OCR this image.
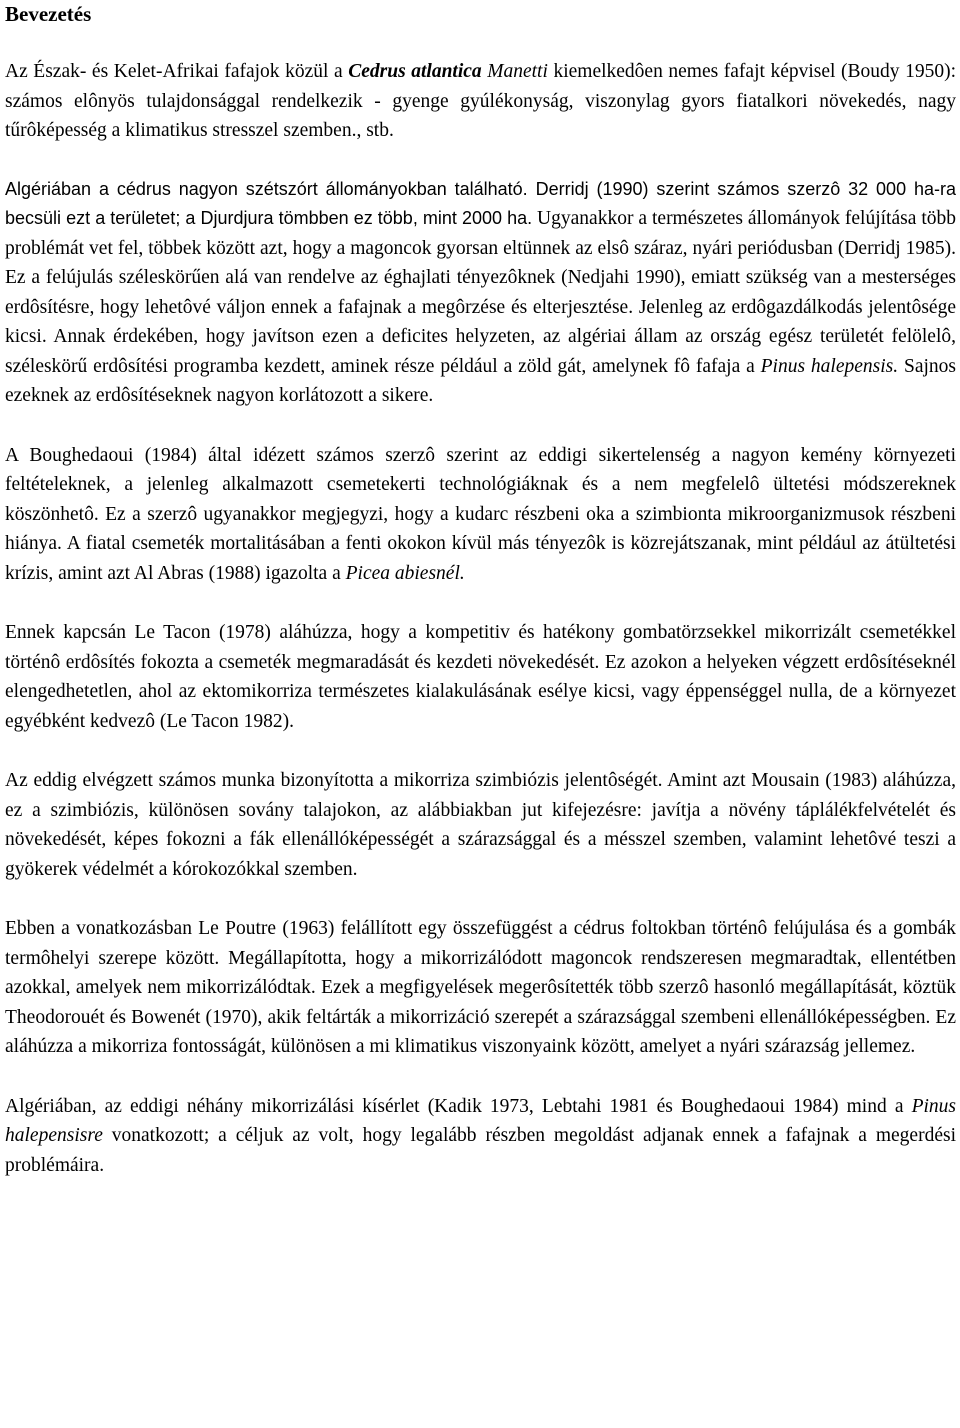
Bevezetés

Az Észak- és Kelet-Afrikai fafajok közül a Cedrus atlantica Manetti kiemelkedôen nemes fafajt képvisel (Boudy 1950): számos elônyös tulajdonsággal rendelkezik - gyenge gyúlékonyság, viszonylag gyors fiatalkori növekedés, nagy tűrôképesség a klimatikus stresszel szemben., stb.

Algériában a cédrus nagyon szétszórt állományokban található. Derridj (1990) szerint számos szerzô 32 000 ha-ra becsüli ezt a területet; a Djurdjura tömbben ez több, mint 2000 ha. Ugyanakkor a természetes állományok felújítása több problémát vet fel, többek között azt, hogy a magoncok gyorsan eltünnek az elsô száraz, nyári periódusban (Derridj 1985). Ez a felújulás széleskörűen alá van rendelve az éghajlati tényezôknek (Nedjahi 1990), emiatt szükség van a mesterséges erdôsítésre, hogy lehetôvé váljon ennek a fafajnak a megôrzése és elterjesztése. Jelenleg az erdôgazdálkodás jelentôsége kicsi. Annak érdekében, hogy javítson ezen a deficites helyzeten, az algériai állam az ország egész területét felölelô, széleskörű erdôsítési programba kezdett, aminek része például a zöld gát, amelynek fô fafaja a Pinus halepensis. Sajnos ezeknek az erdôsítéseknek nagyon korlátozott a sikere.

A Boughedaoui (1984) által idézett számos szerzô szerint az eddigi sikertelenség a nagyon kemény környezeti feltételeknek, a jelenleg alkalmazott csemetekerti technológiáknak és a nem megfelelô ültetési módszereknek köszönhetô. Ez a szerzô ugyanakkor megjegyzi, hogy a kudarc részbeni oka a szimbionta mikroorganizmusok részbeni hiánya. A fiatal csemeték mortalitásában a fenti okokon kívül más tényezôk is közrejátszanak, mint például az átültetési krízis, amint azt Al Abras (1988) igazolta a Picea abiesnél.

Ennek kapcsán Le Tacon (1978) aláhúzza, hogy a kompetitiv és hatékony gombatörzsekkel mikorrizált csemetékkel történô erdôsítés fokozta a csemeték megmaradását és kezdeti növekedését. Ez azokon a helyeken végzett erdôsítéseknél elengedhetetlen, ahol az ektomikorriza természetes kialakulásának esélye kicsi, vagy éppenséggel nulla, de a környezet egyébként kedvezô (Le Tacon 1982).

Az eddig elvégzett számos munka bizonyította a mikorriza szimbiózis jelentôségét. Amint azt Mousain (1983) aláhúzza, ez a szimbiózis, különösen sovány talajokon, az alábbiakban jut kifejezésre: javítja a növény táplálékfelvételét és növekedését, képes fokozni a fák ellenállóképességét a szárazsággal és a mésszel szemben, valamint lehetôvé teszi a gyökerek védelmét a kórokozókkal szemben.

Ebben a vonatkozásban Le Poutre (1963) felállított egy összefüggést a cédrus foltokban történô felújulása és a gombák termôhelyi szerepe között. Megállapította, hogy a mikorrizálódott magoncok rendszeresen megmaradtak, ellentétben azokkal, amelyek nem mikorrizálódtak. Ezek a megfigyelések megerôsítették több szerzô hasonló megállapítását, köztük Theodorouét és Bowenét (1970), akik feltárták a mikorrizáció szerepét a szárazsággal szembeni ellenállóképességben. Ez aláhúzza a mikorriza fontosságát, különösen a mi klimatikus viszonyaink között, amelyet a nyári szárazság jellemez.

Algériában, az eddigi néhány mikorrizálási kísérlet (Kadik 1973, Lebtahi 1981 és Boughedaoui 1984) mind a Pinus halepensisre vonatkozott; a céljuk az volt, hogy legalább részben megoldást adjanak ennek a fafajnak a megerdési problémáira.
